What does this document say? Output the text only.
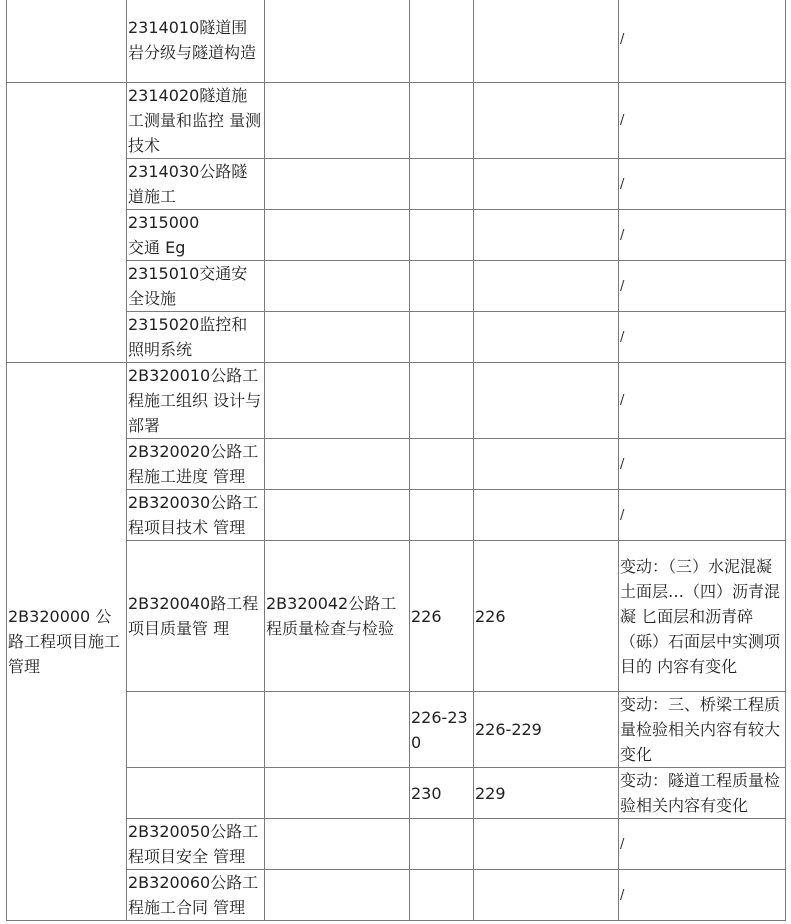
	2314010隧道围岩分级与隧道构造				/
	2314020隧道施工测量和监控 量测技术				/
	2314030公路隧道施工				/
	2315000 交通 Eg				/
	2315010交通安全设施				/
	2315020监控和照明系统				/
2B320000 公路工程项目施工管理	2B320010公路工程施工组织 设计与部署				/
	2B320020公路工程施工进度 管理				/
	2B320030公路工程项目技术 管理				/
	2B320040路工程项目质量管 理	2B320042公路工程质量检查与检验	226	226	变动：（三）水泥混凝土面层…（四）沥青混凝 匕面层和沥青碎（砾）石面层中实测项目的 内容有变化
			226-230	226-229	变动：三、桥梁工程质量检验相关内容有较大变化
			230	229	变动：隧道工程质量检验相关内容有变化
	2B320050公路工程项目安全 管理				/
	2B320060公路工程施工合同 管理				/
